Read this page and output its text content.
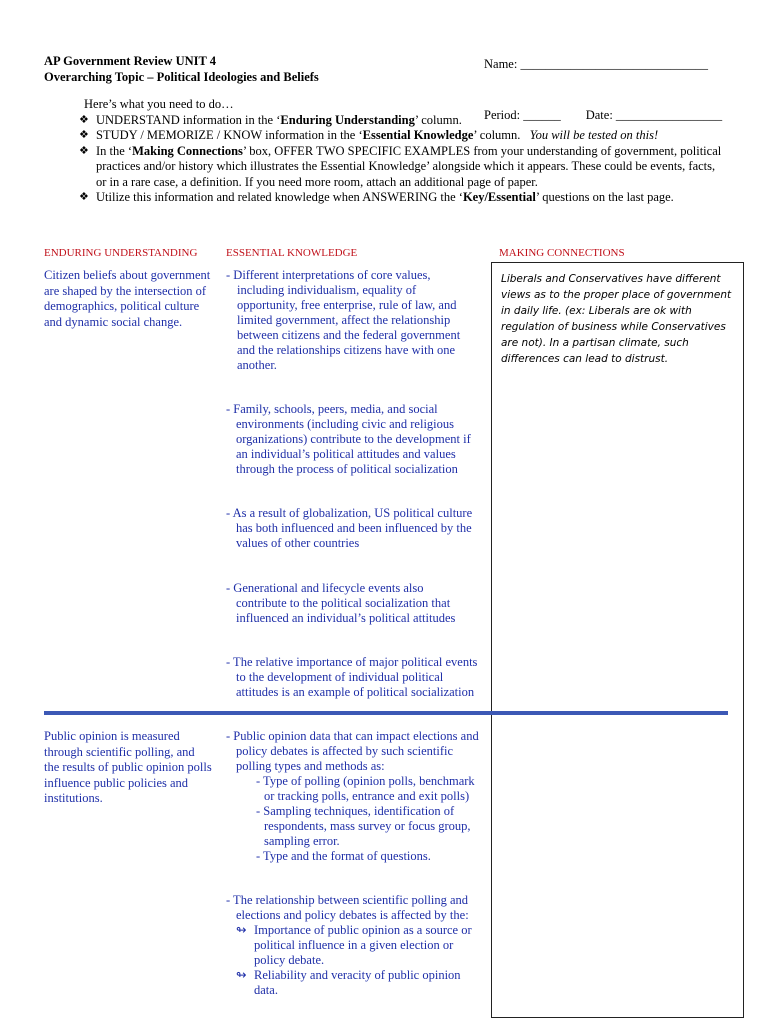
Name: ______________________________

Period: ______        Date: _________________

AP Government Review UNIT 4
Overarching Topic – Political Ideologies and Beliefs
Here’s what you need to do…
❖ UNDERSTAND information in the ‘Enduring Understanding’ column.
❖ STUDY / MEMORIZE / KNOW information in the ‘Essential Knowledge’ column. You will be tested on this!
❖ In the ‘Making Connections’ box, OFFER TWO SPECIFIC EXAMPLES from your understanding of government, political practices and/or history which illustrates the Essential Knowledge’ alongside which it appears. These could be events, facts, or in a rare case, a definition. If you need more room, attach an additional page of paper.
❖ Utilize this information and related knowledge when ANSWERING the ‘Key/Essential’ questions on the last page.
ENDURING UNDERSTANDING	ESSENTIAL KNOWLEDGE	MAKING CONNECTIONS
Liberals and Conservatives have different views as to the proper place of government in daily life. (ex: Liberals are ok with regulation of business while Conservatives are not). In a partisan climate, such differences can lead to distrust.
Citizen beliefs about government are shaped by the intersection of demographics, political culture and dynamic social change.
- Different interpretations of core values, including individualism, equality of opportunity, free enterprise, rule of law, and limited government, affect the relationship between citizens and the federal government and the relationships citizens have with one another.
- Family, schools, peers, media, and social environments (including civic and religious organizations) contribute to the development if an individual’s political attitudes and values through the process of political socialization
- As a result of globalization, US political culture has both influenced and been influenced by the values of other countries
- Generational and lifecycle events also contribute to the political socialization that influenced an individual’s political attitudes
- The relative importance of major political events to the development of individual political attitudes is an example of political socialization
Public opinion is measured through scientific polling, and the results of public opinion polls influence public policies and institutions.
- Public opinion data that can impact elections and policy debates is affected by such scientific polling types and methods as:
- Type of polling (opinion polls, benchmark or tracking polls, entrance and exit polls)
- Sampling techniques, identification of respondents, mass survey or focus group, sampling error.
- Type and the format of questions.
- The relationship between scientific polling and elections and policy debates is affected by the:
↬ Importance of public opinion as a source or political influence in a given election or policy debate.
↬ Reliability and veracity of public opinion data.
